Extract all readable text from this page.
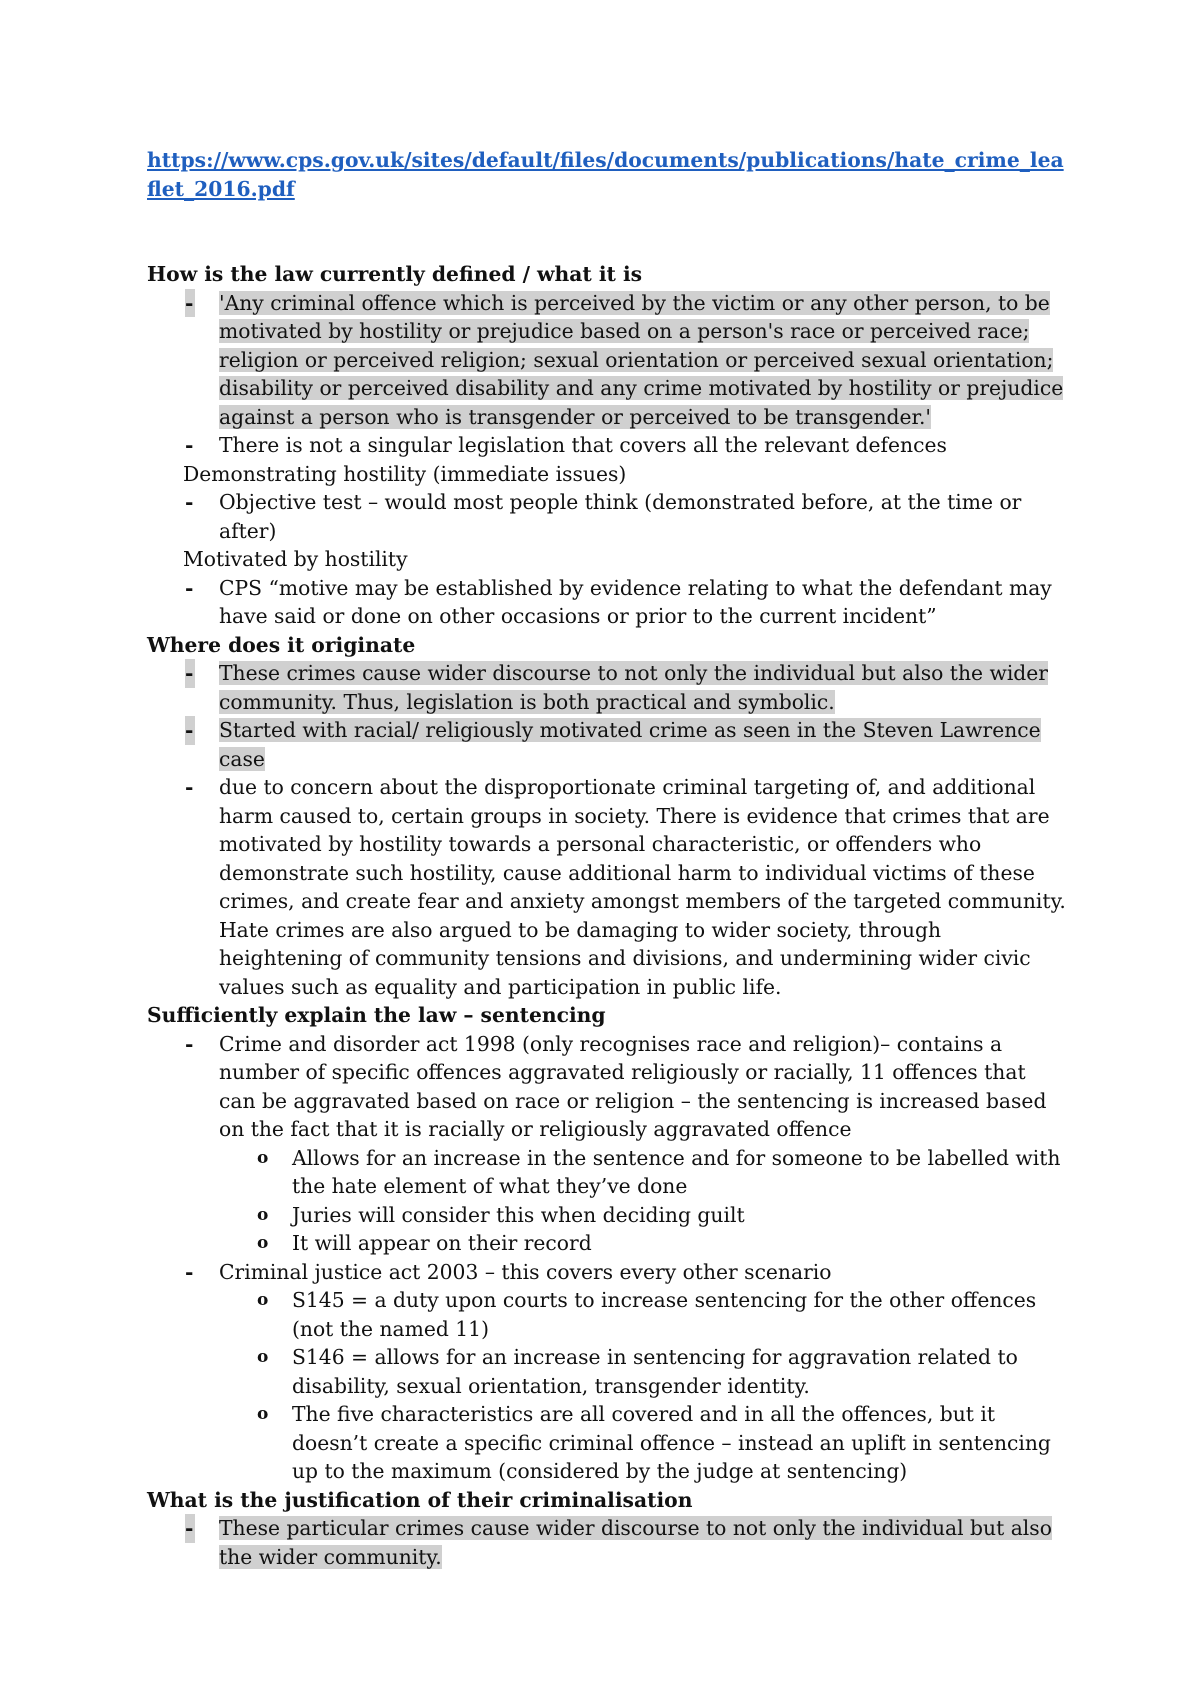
https://www.cps.gov.uk/sites/default/files/documents/publications/hate_crime_leaflet_2016.pdf
How is the law currently defined / what it is
- 'Any criminal offence which is perceived by the victim or any other person, to be motivated by hostility or prejudice based on a person's race or perceived race; religion or perceived religion; sexual orientation or perceived sexual orientation; disability or perceived disability and any crime motivated by hostility or prejudice against a person who is transgender or perceived to be transgender.'
- There is not a singular legislation that covers all the relevant defences
Demonstrating hostility (immediate issues)
- Objective test – would most people think (demonstrated before, at the time or after)
Motivated by hostility
- CPS “motive may be established by evidence relating to what the defendant may have said or done on other occasions or prior to the current incident”
Where does it originate
- These crimes cause wider discourse to not only the individual but also the wider community. Thus, legislation is both practical and symbolic.
- Started with racial/ religiously motivated crime as seen in the Steven Lawrence case
- due to concern about the disproportionate criminal targeting of, and additional harm caused to, certain groups in society. There is evidence that crimes that are motivated by hostility towards a personal characteristic, or offenders who demonstrate such hostility, cause additional harm to individual victims of these crimes, and create fear and anxiety amongst members of the targeted community. Hate crimes are also argued to be damaging to wider society, through heightening of community tensions and divisions, and undermining wider civic values such as equality and participation in public life.
Sufficiently explain the law – sentencing
- Crime and disorder act 1998 (only recognises race and religion)– contains a number of specific offences aggravated religiously or racially, 11 offences that can be aggravated based on race or religion – the sentencing is increased based on the fact that it is racially or religiously aggravated offence
o Allows for an increase in the sentence and for someone to be labelled with the hate element of what they’ve done
o Juries will consider this when deciding guilt
o It will appear on their record
- Criminal justice act 2003 – this covers every other scenario
o S145 = a duty upon courts to increase sentencing for the other offences (not the named 11)
o S146 = allows for an increase in sentencing for aggravation related to disability, sexual orientation, transgender identity.
o The five characteristics are all covered and in all the offences, but it doesn’t create a specific criminal offence – instead an uplift in sentencing up to the maximum (considered by the judge at sentencing)
What is the justification of their criminalisation
- These particular crimes cause wider discourse to not only the individual but also the wider community.
